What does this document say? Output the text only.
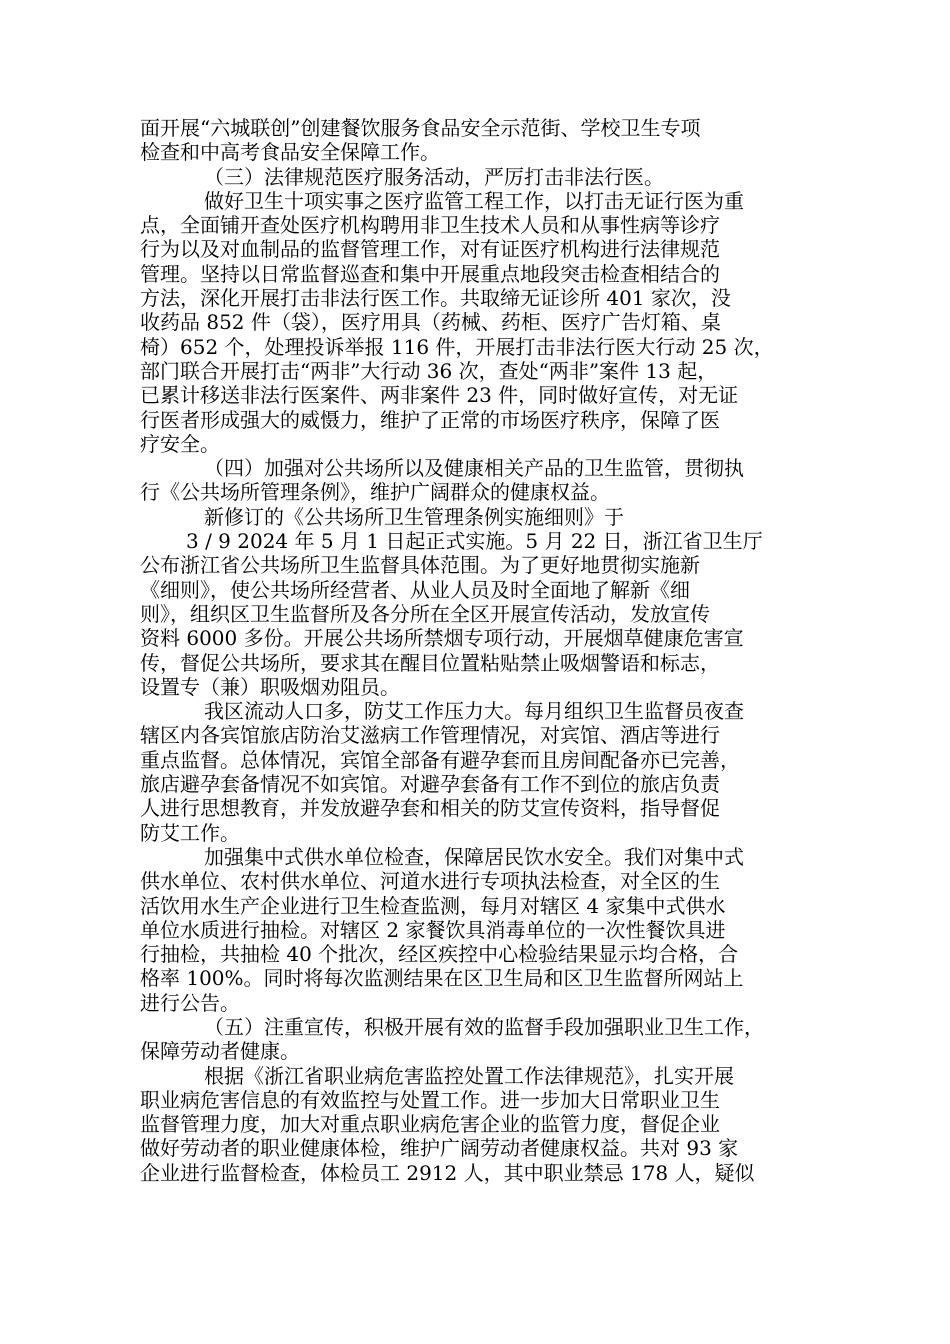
面开展“六城联创”创建餐饮服务食品安全示范街、学校卫生专项
检查和中高考食品安全保障工作。
（三）法律规范医疗服务活动，严厉打击非法行医。
做好卫生十项实事之医疗监管工程工作，以打击无证行医为重
点，全面铺开查处医疗机构聘用非卫生技术人员和从事性病等诊疗
行为以及对血制品的监督管理工作，对有证医疗机构进行法律规范
管理。坚持以日常监督巡查和集中开展重点地段突击检查相结合的
方法，深化开展打击非法行医工作。共取缔无证诊所 401 家次，没
收药品 852 件（袋），医疗用具（药械、药柜、医疗广告灯箱、桌
椅）652 个，处理投诉举报 116 件，开展打击非法行医大行动 25 次，
部门联合开展打击“两非”大行动 36 次，查处“两非”案件 13 起，
已累计移送非法行医案件、两非案件 23 件，同时做好宣传，对无证
行医者形成强大的威慑力，维护了正常的市场医疗秩序，保障了医
疗安全。
（四）加强对公共场所以及健康相关产品的卫生监管，贯彻执
行《公共场所管理条例》，维护广阔群众的健康权益。
新修订的《公共场所卫生管理条例实施细则》于
3 / 9 2024 年 5 月 1 日起正式实施。5 月 22 日，浙江省卫生厅
公布浙江省公共场所卫生监督具体范围。为了更好地贯彻实施新
《细则》，使公共场所经营者、从业人员及时全面地了解新《细
则》，组织区卫生监督所及各分所在全区开展宣传活动，发放宣传
资料 6000 多份。开展公共场所禁烟专项行动，开展烟草健康危害宣
传，督促公共场所，要求其在醒目位置粘贴禁止吸烟警语和标志，
设置专（兼）职吸烟劝阻员。
我区流动人口多，防艾工作压力大。每月组织卫生监督员夜查
辖区内各宾馆旅店防治艾滋病工作管理情况，对宾馆、酒店等进行
重点监督。总体情况，宾馆全部备有避孕套而且房间配备亦已完善，
旅店避孕套备情况不如宾馆。对避孕套备有工作不到位的旅店负责
人进行思想教育，并发放避孕套和相关的防艾宣传资料，指导督促
防艾工作。
加强集中式供水单位检查，保障居民饮水安全。我们对集中式
供水单位、农村供水单位、河道水进行专项执法检查，对全区的生
活饮用水生产企业进行卫生检查监测，每月对辖区 4 家集中式供水
单位水质进行抽检。对辖区 2 家餐饮具消毒单位的一次性餐饮具进
行抽检，共抽检 40 个批次，经区疾控中心检验结果显示均合格，合
格率 100%。同时将每次监测结果在区卫生局和区卫生监督所网站上
进行公告。
（五）注重宣传，积极开展有效的监督手段加强职业卫生工作，
保障劳动者健康。
根据《浙江省职业病危害监控处置工作法律规范》，扎实开展
职业病危害信息的有效监控与处置工作。进一步加大日常职业卫生
监督管理力度，加大对重点职业病危害企业的监管力度，督促企业
做好劳动者的职业健康体检，维护广阔劳动者健康权益。共对 93 家
企业进行监督检查，体检员工 2912 人，其中职业禁忌 178 人，疑似
